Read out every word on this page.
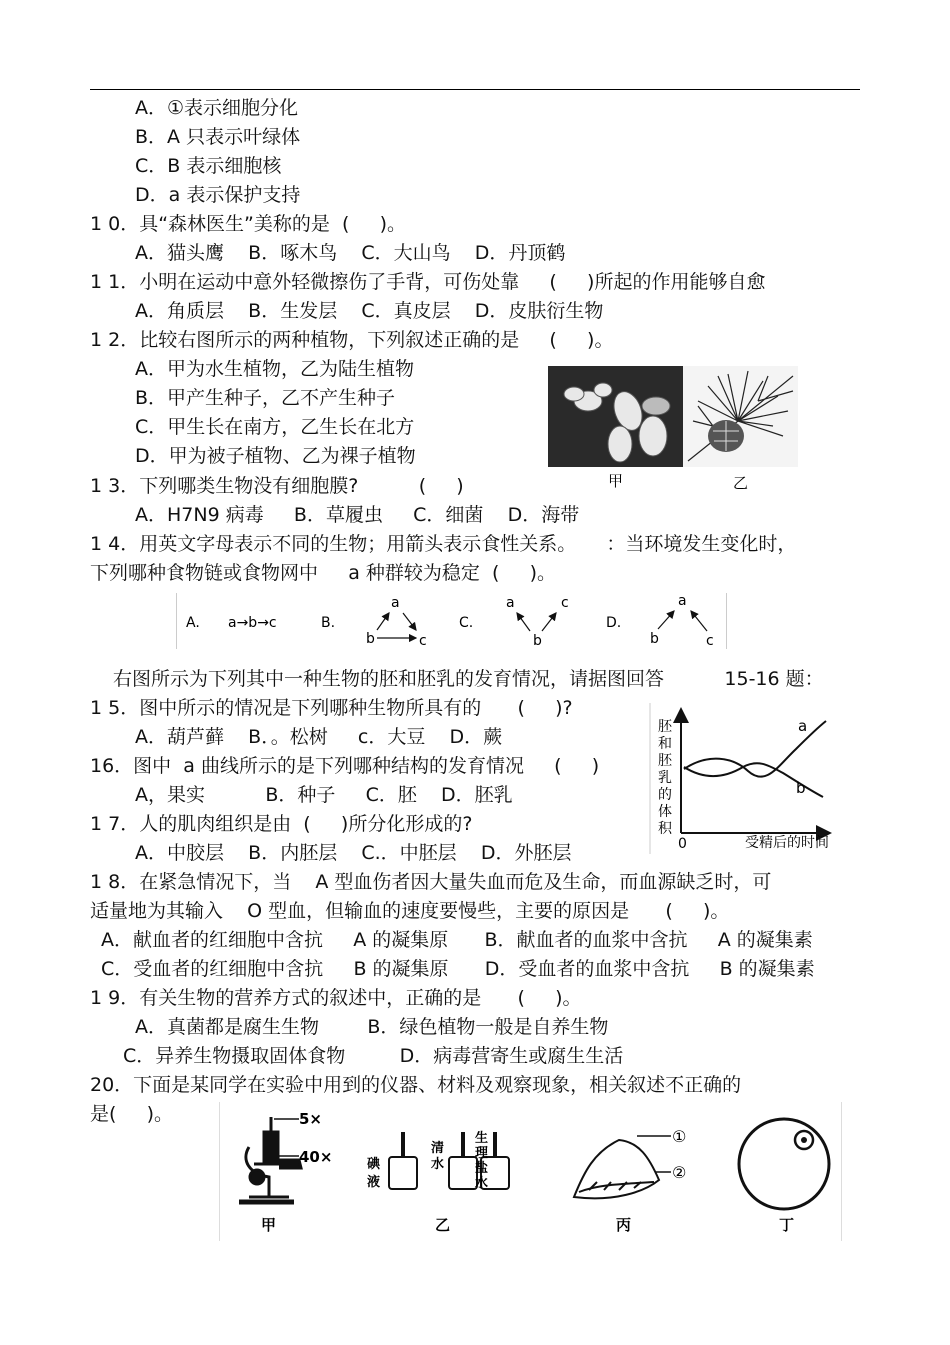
A．①表示细胞分化
B．A 只表示叶绿体
C．B 表示细胞核
D．a 表示保护支持
1 0．具“森林医生”美称的是  (     )。
A．猫头鹰    B．啄木鸟    C．大山鸟    D．丹顶鹤
1 1．小明在运动中意外轻微擦伤了手背，可伤处靠     (     )所起的作用能够自愈
A．角质层    B．生发层    C．真皮层    D．皮肤衍生物
1 2．比较右图所示的两种植物，下列叙述正确的是     (     )。
A．甲为水生植物，乙为陆生植物
B．甲产生种子，乙不产生种子
C．甲生长在南方，乙生长在北方
D．甲为被子植物、乙为裸子植物
甲	乙
1 3．下列哪类生物没有细胞膜?          (     )
A．H7N9 病毒     B．草履虫     C．细菌    D．海带
1 4．用英文字母表示不同的生物；用箭头表示食性关系。     ：当环境发生变化时，
下列哪种食物链或食物网中     a 种群较为稳定  (     )。
A. a→b→c	B.
a
b	c
C.
a	c
b
D.
a
b	c
右图所示为下列其中一种生物的胚和胚乳的发育情况，请据图回答          15-16 题：
1 5．图中所示的情况是下列哪种生物所具有的      (     )?
A．葫芦藓    B．。松树     c．大豆    D．蕨
16．图中  a 曲线所示的是下列哪种结构的发育情况     (     )
A，果实          B．种子     C．胚    D．胚乳
1 7．人的肌肉组织是由  (     )所分化形成的?
A．中胶层    B．内胚层    C.．中胚层    D．外胚层
胚
和
胚
乳
的
体
积
0	受精后的时间
a
b
1 8．在紧急情况下，当    A 型血伤者因大量失血而危及生命，而血源缺乏时，可
适量地为其输入    O 型血，但输血的速度要慢些，主要的原因是      (     )。
A．献血者的红细胞中含抗     A 的凝集原      B．献血者的血浆中含抗     A 的凝集素
C．受血者的红细胞中含抗     B 的凝集原      D．受血者的血浆中含抗     B 的凝集素
1 9．有关生物的营养方式的叙述中，正确的是      (     )。
A．真菌都是腐生生物        B．绿色植物一般是自养生物
C．异养生物摄取固体食物         D．病毒营寄生或腐生生活
20．下面是某同学在实验中用到的仪器、材料及观察现象，相关叙述不正确的
是(     )。	5×
40×
甲
碘
液
清
水
生
理
盐
水
乙
①
②
丙	丁
